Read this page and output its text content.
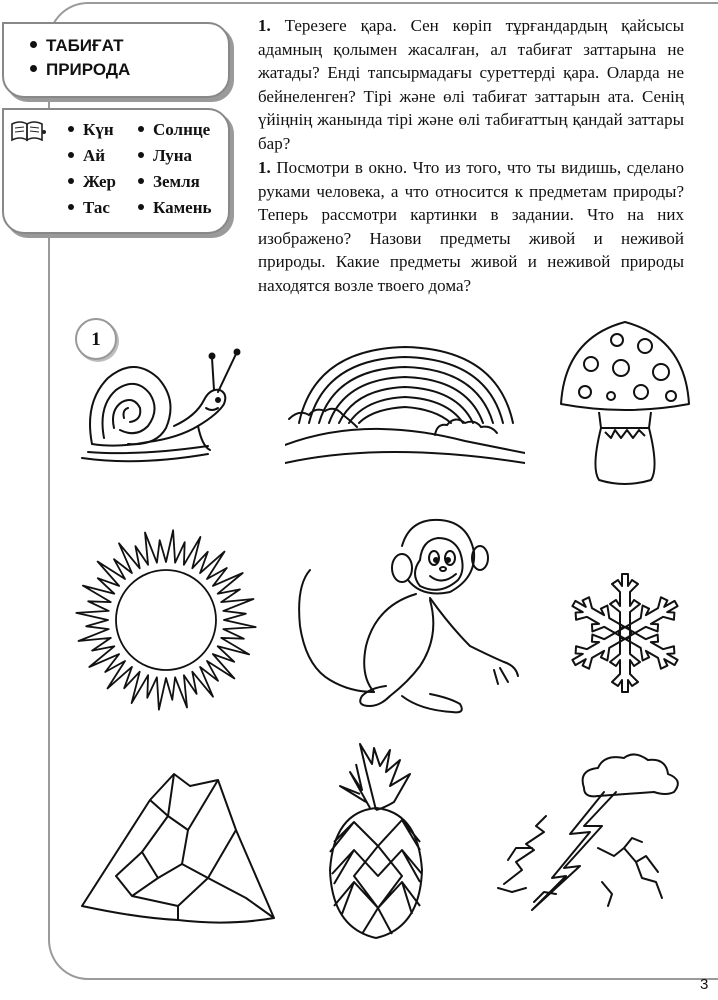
ТАБИҒАТ
ПРИРОДА
Күн	Солнце
Ай	Луна
Жер	Земля
Тас	Камень
1. Терезеге қара. Сен көріп тұрғандардың қайсысы адамның қолымен жасалған, ал табиғат заттарына не жатады? Енді тапсырмадағы суреттерді қара. Оларда не бейнеленген? Тірі және өлі табиғат заттарын ата. Сенің үйіңнің жанында тірі және өлі табиғаттың қандай заттары бар?
1. Посмотри в окно. Что из того, что ты видишь, сделано руками человека, а что относится к предметам природы? Теперь рассмотри картинки в задании. Что на них изображено? Назови предметы живой и неживой природы. Какие предметы живой и неживой природы находятся возле твоего дома?
1
3
